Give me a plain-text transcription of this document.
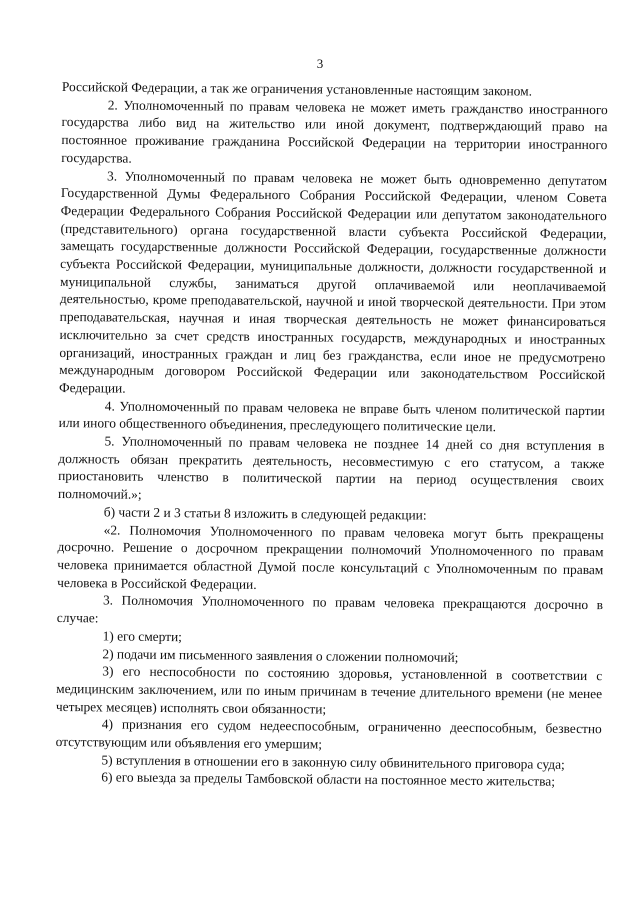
3

Российской Федерации, а так же ограничения установленные настоящим законом.

2. Уполномоченный по правам человека не может иметь гражданство иностранного государства либо вид на жительство или иной документ, подтверждающий право на постоянное проживание гражданина Российской Федерации на территории иностранного государства.

3. Уполномоченный по правам человека не может быть одновременно депутатом Государственной Думы Федерального Собрания Российской Федерации, членом Совета Федерации Федерального Собрания Российской Федерации или депутатом законодательного (представительного) органа государственной власти субъекта Российской Федерации, замещать государственные должности Российской Федерации, государственные должности субъекта Российской Федерации, муниципальные должности, должности государственной и муниципальной службы, заниматься другой оплачиваемой или неоплачиваемой деятельностью, кроме преподавательской, научной и иной творческой деятельности. При этом преподавательская, научная и иная творческая деятельность не может финансироваться исключительно за счет средств иностранных государств, международных и иностранных организаций, иностранных граждан и лиц без гражданства, если иное не предусмотрено международным договором Российской Федерации или законодательством Российской Федерации.

4. Уполномоченный по правам человека не вправе быть членом политической партии или иного общественного объединения, преследующего политические цели.

5. Уполномоченный по правам человека не позднее 14 дней со дня вступления в должность обязан прекратить деятельность, несовместимую с его статусом, а также приостановить членство в политической партии на период осуществления своих полномочий.»;

б) части 2 и 3 статьи 8 изложить в следующей редакции:

«2. Полномочия Уполномоченного по правам человека могут быть прекращены досрочно. Решение о досрочном прекращении полномочий Уполномоченного по правам человека принимается областной Думой после консультаций с Уполномоченным по правам человека в Российской Федерации.

3. Полномочия Уполномоченного по правам человека прекращаются досрочно в случае:

1) его смерти;

2) подачи им письменного заявления о сложении полномочий;

3) его неспособности по состоянию здоровья, установленной в соответствии с медицинским заключением, или по иным причинам в течение длительного времени (не менее четырех месяцев) исполнять свои обязанности;

4) признания его судом недееспособным, ограниченно дееспособным, безвестно отсутствующим или объявления его умершим;

5) вступления в отношении его в законную силу обвинительного приговора суда;

6) его выезда за пределы Тамбовской области на постоянное место жительства;
